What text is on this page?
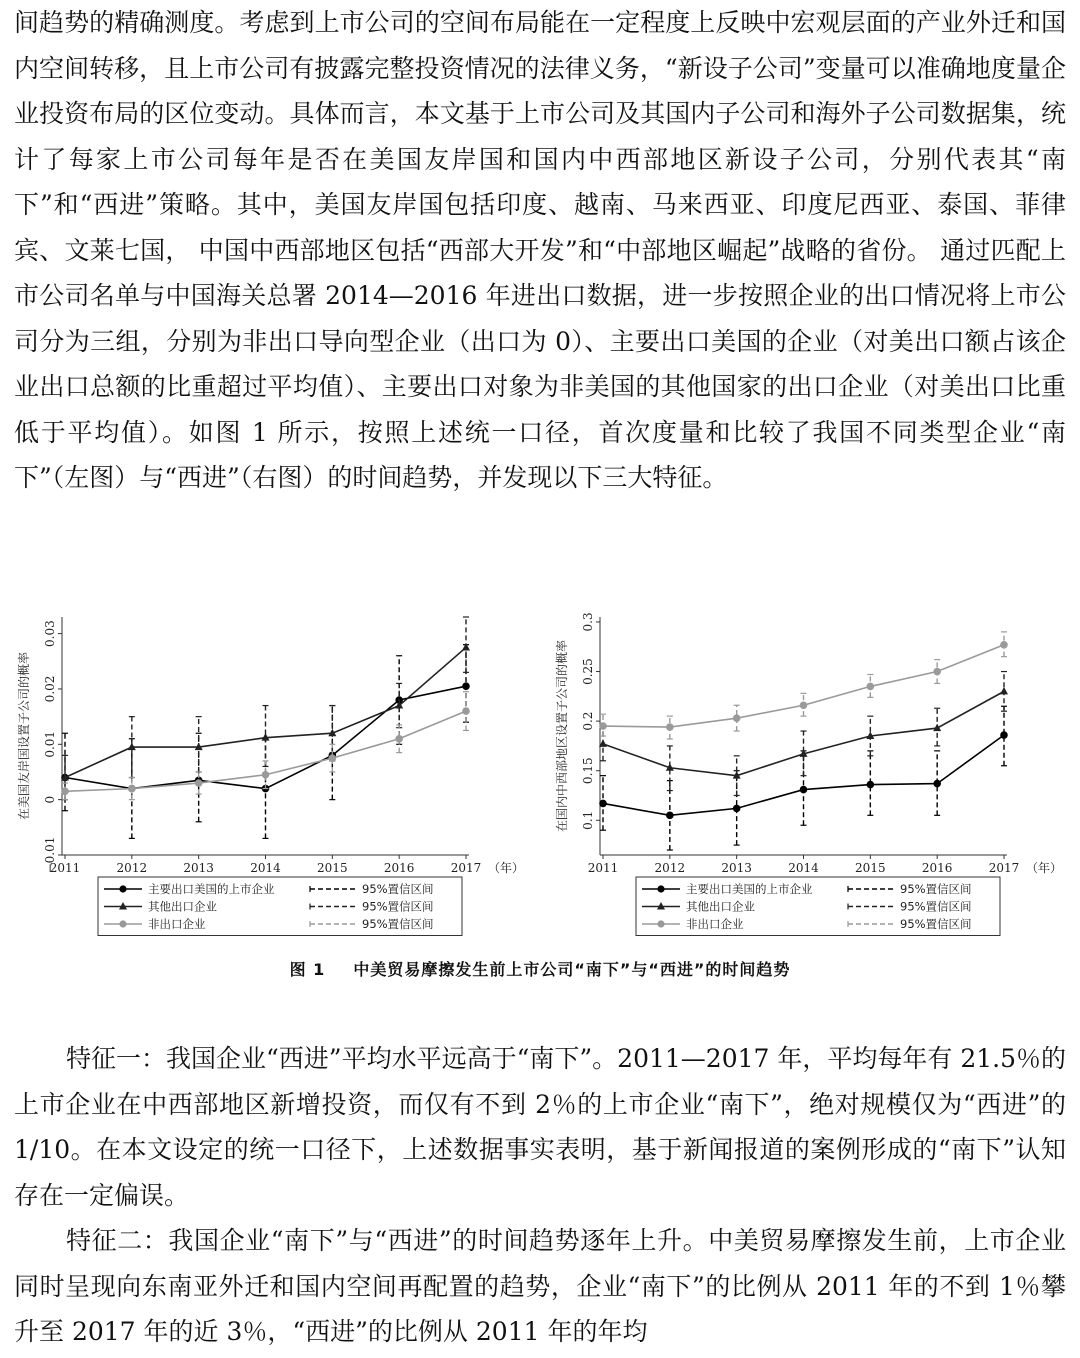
间趋势的精确测度。考虑到上市公司的空间布局能在一定程度上反映中宏观层面的产业外迁和国内空间转移，且上市公司有披露完整投资情况的法律义务，“新设子公司”变量可以准确地度量企业投资布局的区位变动。具体而言，本文基于上市公司及其国内子公司和海外子公司数据集，统计了每家上市公司每年是否在美国友岸国和国内中西部地区新设子公司，分别代表其“南下”和“西进”策略。其中，美国友岸国包括印度、越南、马来西亚、印度尼西亚、泰国、菲律宾、文莱七国， 中国中西部地区包括“西部大开发”和“中部地区崛起”战略的省份。 通过匹配上市公司名单与中国海关总署 2014—2016 年进出口数据，进一步按照企业的出口情况将上市公司分为三组，分别为非出口导向型企业（出口为 0）、主要出口美国的企业（对美出口额占该企业出口总额的比重超过平均值）、主要出口对象为非美国的其他国家的出口企业（对美出口比重低于平均值）。如图 1 所示，按照上述统一口径，首次度量和比较了我国不同类型企业“南下”（左图）与“西进”（右图）的时间趋势，并发现以下三大特征。
−0.01
0
0.01
0.02
0.03
在美国友岸国设置子公司的概率
2011	2012	2013	2014	2015	2016	2017 （年）
主要出口美国的上市企业	95%置信区间
其他出口企业	95%置信区间
非出口企业	95%置信区间
0.1
0.15
0.2
0.25
0.3
在国内中西部地区设置子公司的概率
2011	2012	2013	2014	2015	2016	2017 （年）
主要出口美国的上市企业	95%置信区间
其他出口企业	95%置信区间
非出口企业	95%置信区间
图 1 中美贸易摩擦发生前上市公司“南下”与“西进”的时间趋势
特征一：我国企业“西进”平均水平远高于“南下”。2011—2017 年，平均每年有 21.5％的上市企业在中西部地区新增投资，而仅有不到 2％的上市企业“南下”，绝对规模仅为“西进”的 1/10。在本文设定的统一口径下，上述数据事实表明，基于新闻报道的案例形成的“南下”认知存在一定偏误。
特征二：我国企业“南下”与“西进”的时间趋势逐年上升。中美贸易摩擦发生前，上市企业同时呈现向东南亚外迁和国内空间再配置的趋势，企业“南下”的比例从 2011 年的不到 1％攀升至 2017 年的近 3％，“西进”的比例从 2011 年的年均
